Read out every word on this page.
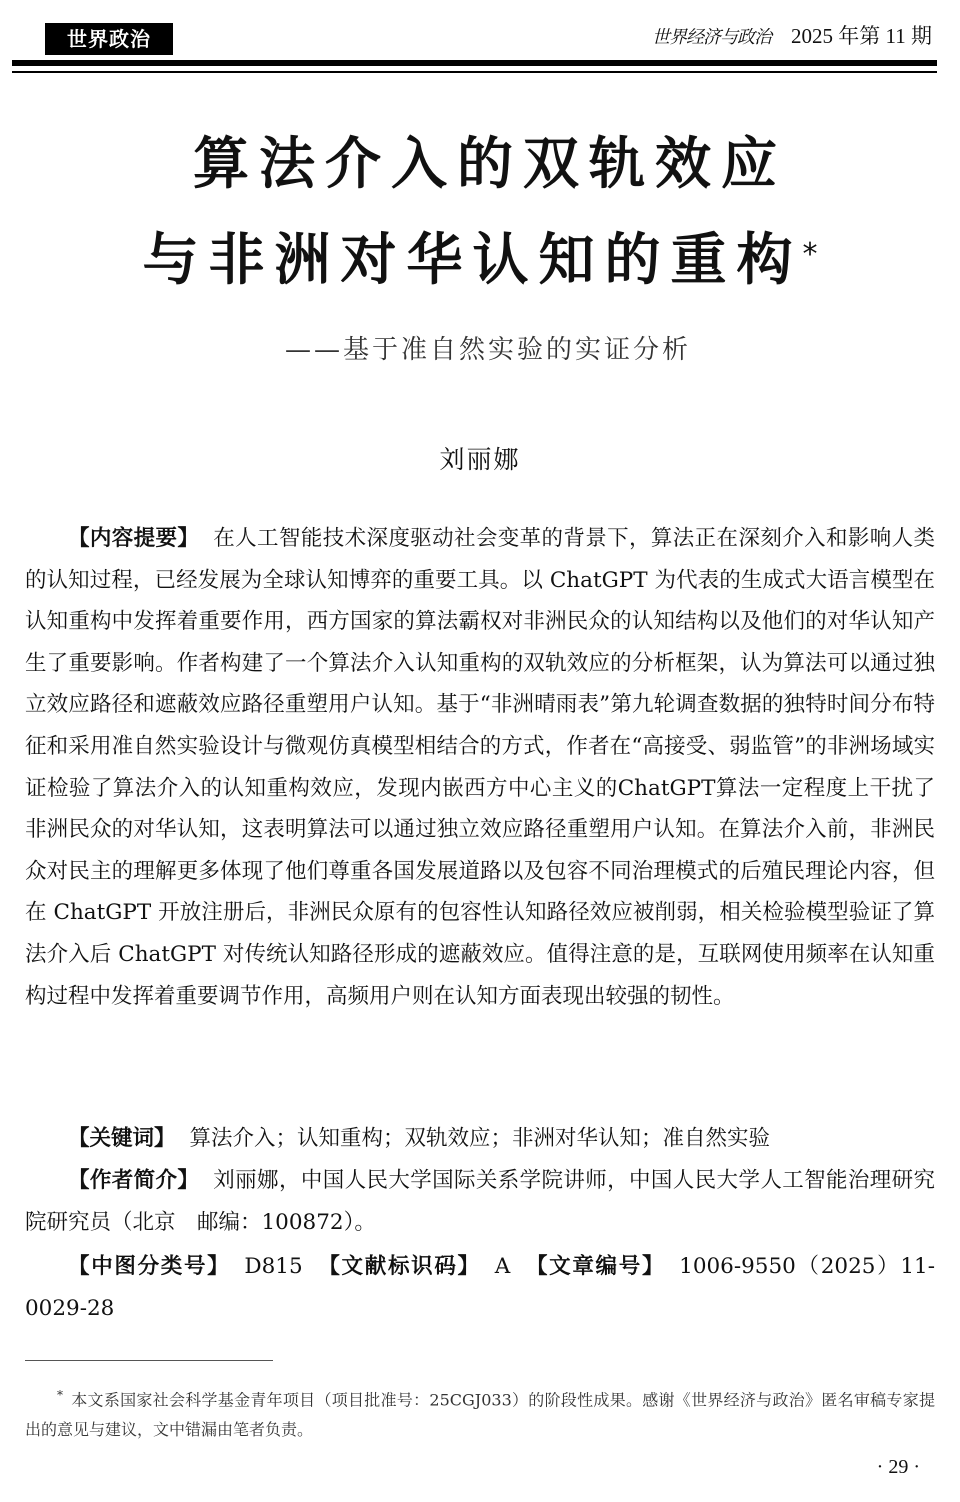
世界政治	世界经济与政治 2025 年第 11 期
算法介入的双轨效应
与非洲对华认知的重构*
——基于准自然实验的实证分析
刘丽娜
【内容提要】 在人工智能技术深度驱动社会变革的背景下，算法正在深刻介入和影响人类的认知过程，已经发展为全球认知博弈的重要工具。以 ChatGPT 为代表的生成式大语言模型在认知重构中发挥着重要作用，西方国家的算法霸权对非洲民众的认知结构以及他们的对华认知产生了重要影响。作者构建了一个算法介入认知重构的双轨效应的分析框架，认为算法可以通过独立效应路径和遮蔽效应路径重塑用户认知。基于“非洲晴雨表”第九轮调查数据的独特时间分布特征和采用准自然实验设计与微观仿真模型相结合的方式，作者在“高接受、弱监管”的非洲场域实证检验了算法介入的认知重构效应，发现内嵌西方中心主义的ChatGPT算法一定程度上干扰了非洲民众的对华认知，这表明算法可以通过独立效应路径重塑用户认知。在算法介入前，非洲民众对民主的理解更多体现了他们尊重各国发展道路以及包容不同治理模式的后殖民理论内容，但在 ChatGPT 开放注册后，非洲民众原有的包容性认知路径效应被削弱，相关检验模型验证了算法介入后 ChatGPT 对传统认知路径形成的遮蔽效应。值得注意的是，互联网使用频率在认知重构过程中发挥着重要调节作用，高频用户则在认知方面表现出较强的韧性。
【关键词】 算法介入；认知重构；双轨效应；非洲对华认知；准自然实验
【作者简介】 刘丽娜，中国人民大学国际关系学院讲师，中国人民大学人工智能治理研究院研究员（北京　邮编：100872）。
【中图分类号】 D815 【文献标识码】 A 【文章编号】 1006-9550（2025）11-0029-28
* 本文系国家社会科学基金青年项目（项目批准号：25CGJ033）的阶段性成果。感谢《世界经济与政治》匿名审稿专家提出的意见与建议，文中错漏由笔者负责。
· 29 ·
